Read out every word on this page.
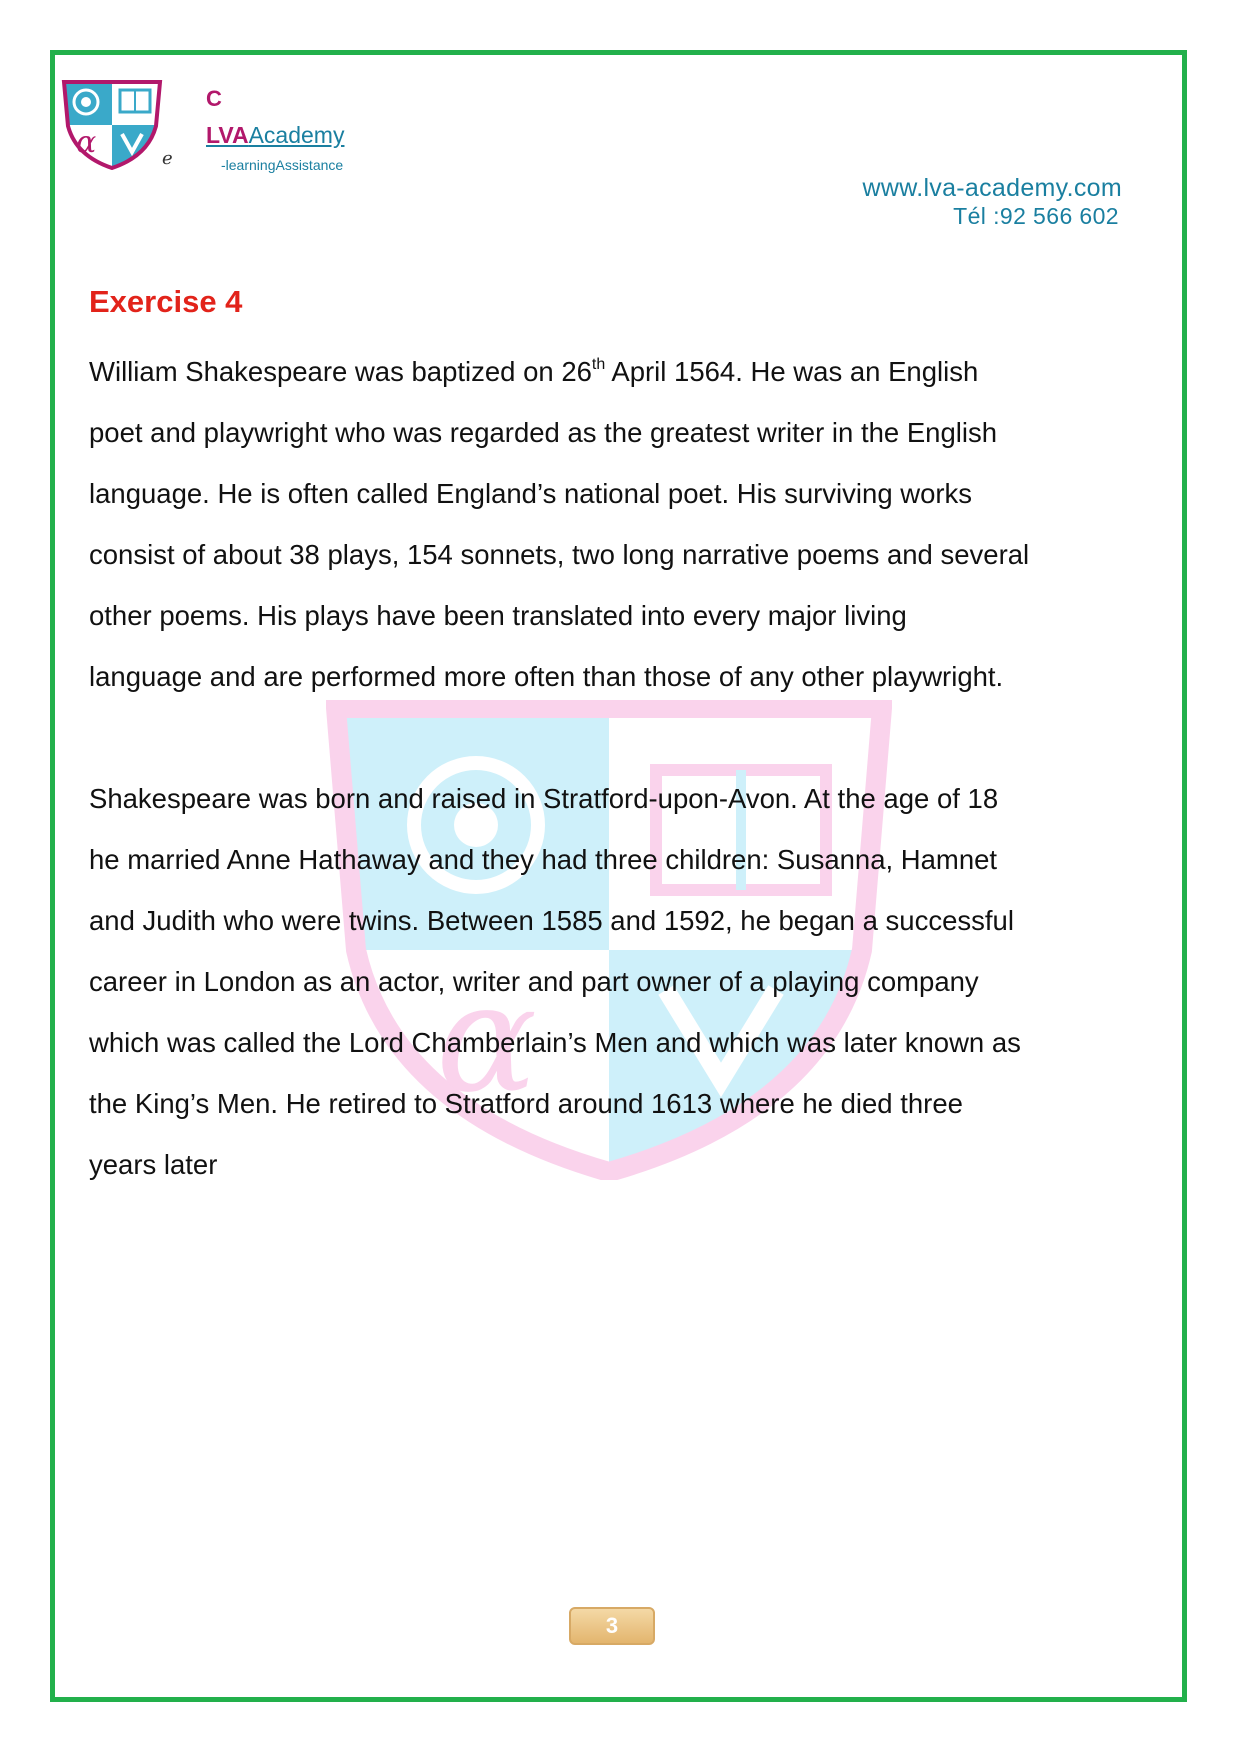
α	e
C
LVAAcademy
-learningAssistance
www.lva-academy.com
Tél :92 566 602
α
Exercise 4

William Shakespeare was baptized on 26th April 1564. He was an English
poet and playwright who was regarded as the greatest writer in the English
language. He is often called England’s national poet. His surviving works
consist of about 38 plays, 154 sonnets, two long narrative poems and several
other poems. His plays have been translated into every major living
language and are performed more often than those of any other playwright.

Shakespeare was born and raised in Stratford-upon-Avon. At the age of 18
he married Anne Hathaway and they had three children: Susanna, Hamnet
and Judith who were twins. Between 1585 and 1592, he began a successful
career in London as an actor, writer and part owner of a playing company
which was called the Lord Chamberlain’s Men and which was later known as
the King’s Men. He retired to Stratford around 1613 where he died three
years later

3
